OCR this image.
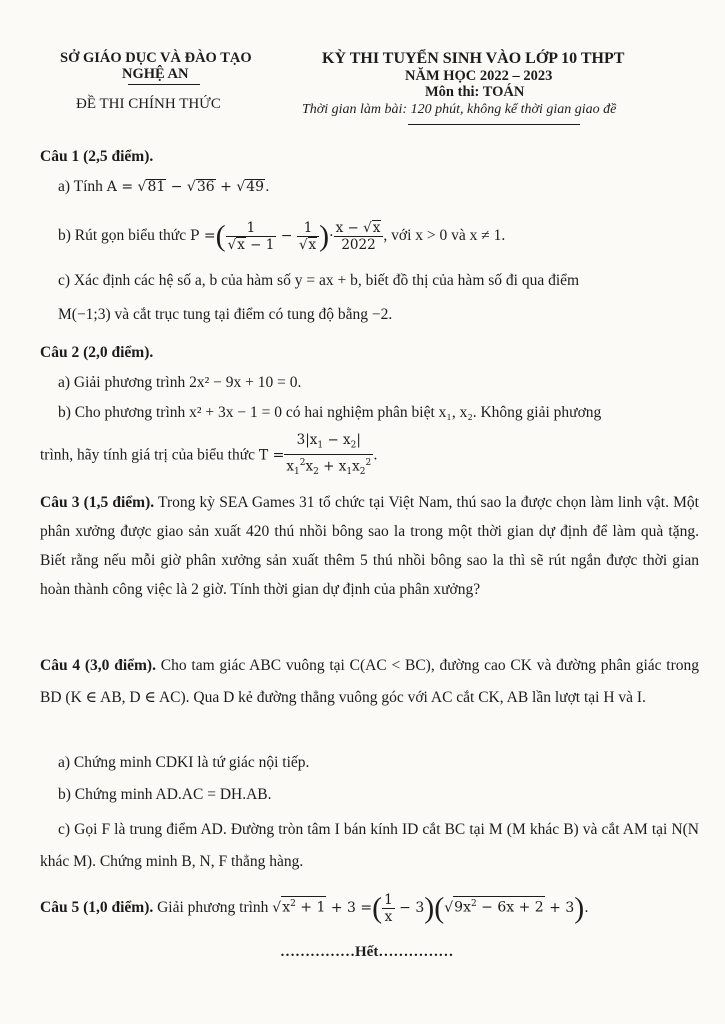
SỞ GIÁO DỤC VÀ ĐÀO TẠO
NGHỆ AN
ĐỀ THI CHÍNH THỨC
KỲ THI TUYỂN SINH VÀO LỚP 10 THPT
NĂM HỌC 2022 – 2023
Môn thi: TOÁN
Thời gian làm bài: 120 phút, không kể thời gian giao đề
Câu 1 (2,5 điểm).
a) Tính A = √81 − √36 + √49.
b) Rút gọn biểu thức P =( $\frac{1}{√x - 1} - \frac{1}{√x}$ )· $\frac{x - √x}{2022}$ , với x > 0 và x ≠ 1.
c) Xác định các hệ số a, b của hàm số y = ax + b, biết đồ thị của hàm số đi qua điểm
M(−1;3) và cắt trục tung tại điểm có tung độ bằng −2.
Câu 2 (2,0 điểm).
a) Giải phương trình 2x² − 9x + 10 = 0.
b) Cho phương trình x² + 3x − 1 = 0 có hai nghiệm phân biệt x₁, x₂. Không giải phương
trình, hãy tính giá trị của biểu thức $T = \frac{3|x_1 - x_2|}{x_1^2x_2 + x_1x_2^2}$ .
Câu 3 (1,5 điểm). Trong kỳ SEA Games 31 tổ chức tại Việt Nam, thú sao la được chọn làm linh vật. Một phân xưởng được giao sản xuất 420 thú nhồi bông sao la trong một thời gian dự định để làm quà tặng. Biết rằng nếu mỗi giờ phân xưởng sản xuất thêm 5 thú nhồi bông sao la thì sẽ rút ngắn được thời gian hoàn thành công việc là 2 giờ. Tính thời gian dự định của phân xưởng?
Câu 4 (3,0 điểm). Cho tam giác ABC vuông tại C(AC < BC), đường cao CK và đường phân giác trong BD (K ∈ AB, D ∈ AC). Qua D kẻ đường thẳng vuông góc với AC cắt CK, AB lần lượt tại H và I.
a) Chứng minh CDKI là tứ giác nội tiếp.
b) Chứng minh AD.AC = DH.AB.
c) Gọi F là trung điểm AD. Đường tròn tâm I bán kính ID cắt BC tại M (M khác B) và cắt AM tại N(N khác M). Chứng minh B, N, F thẳng hàng.
Câu 5 (1,0 điểm). Giải phương trình $√x^2 + 1 + 3$ =( $\frac{1}{x} - 3)(√9x^2 - 6x + 2 + 3)$.
……………Hết……………
